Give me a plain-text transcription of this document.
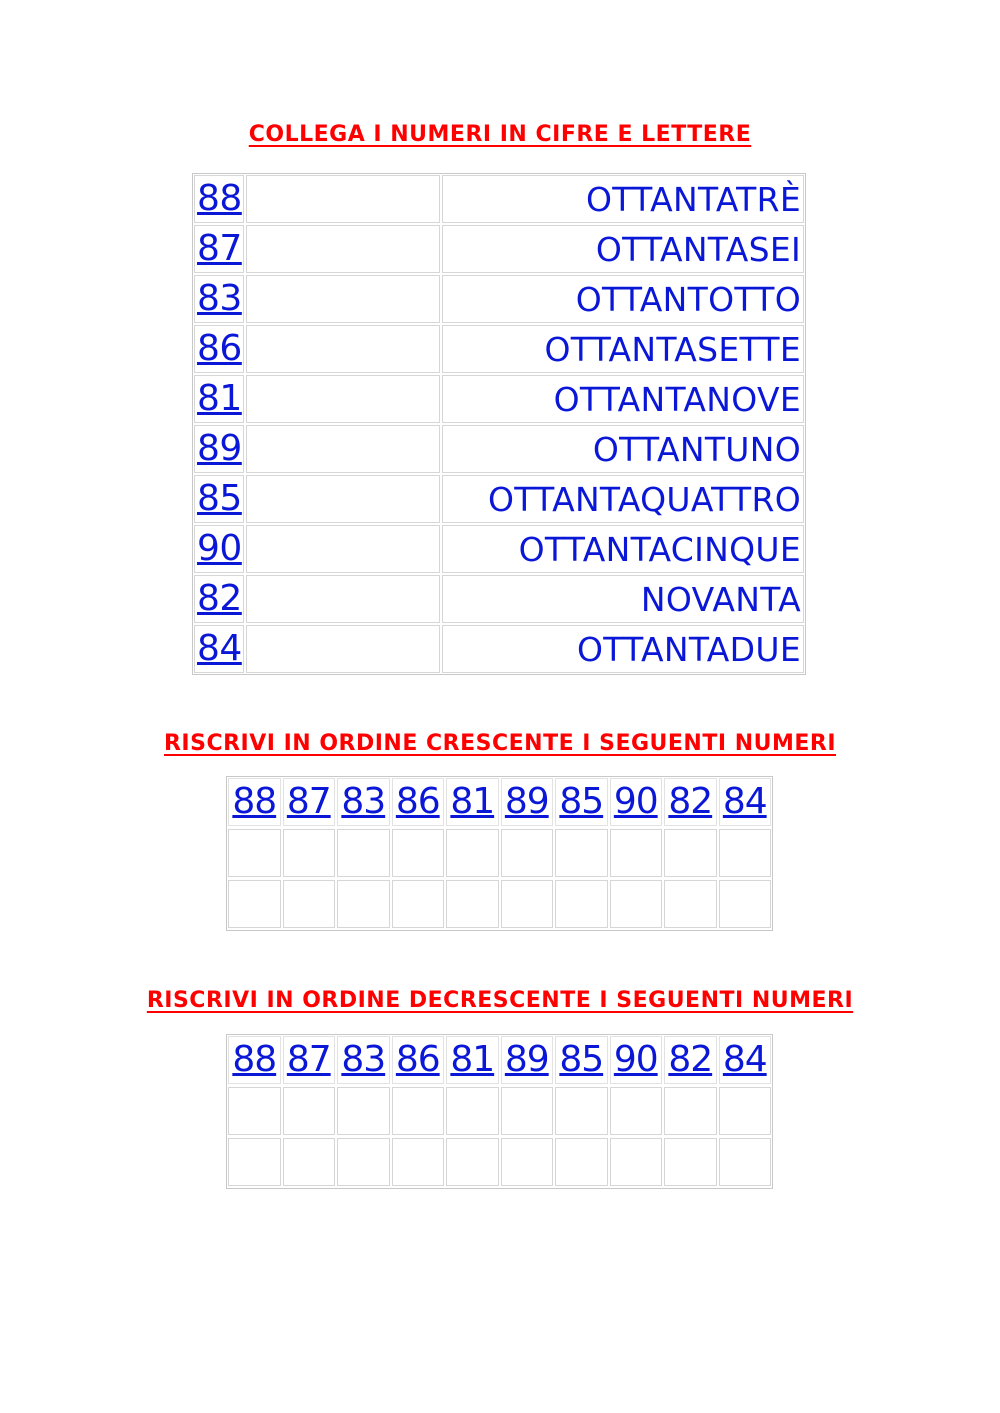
COLLEGA I NUMERI IN CIFRE E LETTERE
88	OTTANTATRÈ
87	OTTANTASEI
83	OTTANTOTTO
86	OTTANTASETTE
81	OTTANTANOVE
89	OTTANTUNO
85	OTTANTAQUATTRO
90	OTTANTACINQUE
82	NOVANTA
84	OTTANTADUE
RISCRIVI IN ORDINE CRESCENTE I SEGUENTI NUMERI
88 87 83 86 81 89 85 90 82 84
RISCRIVI IN ORDINE DECRESCENTE I SEGUENTI NUMERI
88 87 83 86 81 89 85 90 82 84
